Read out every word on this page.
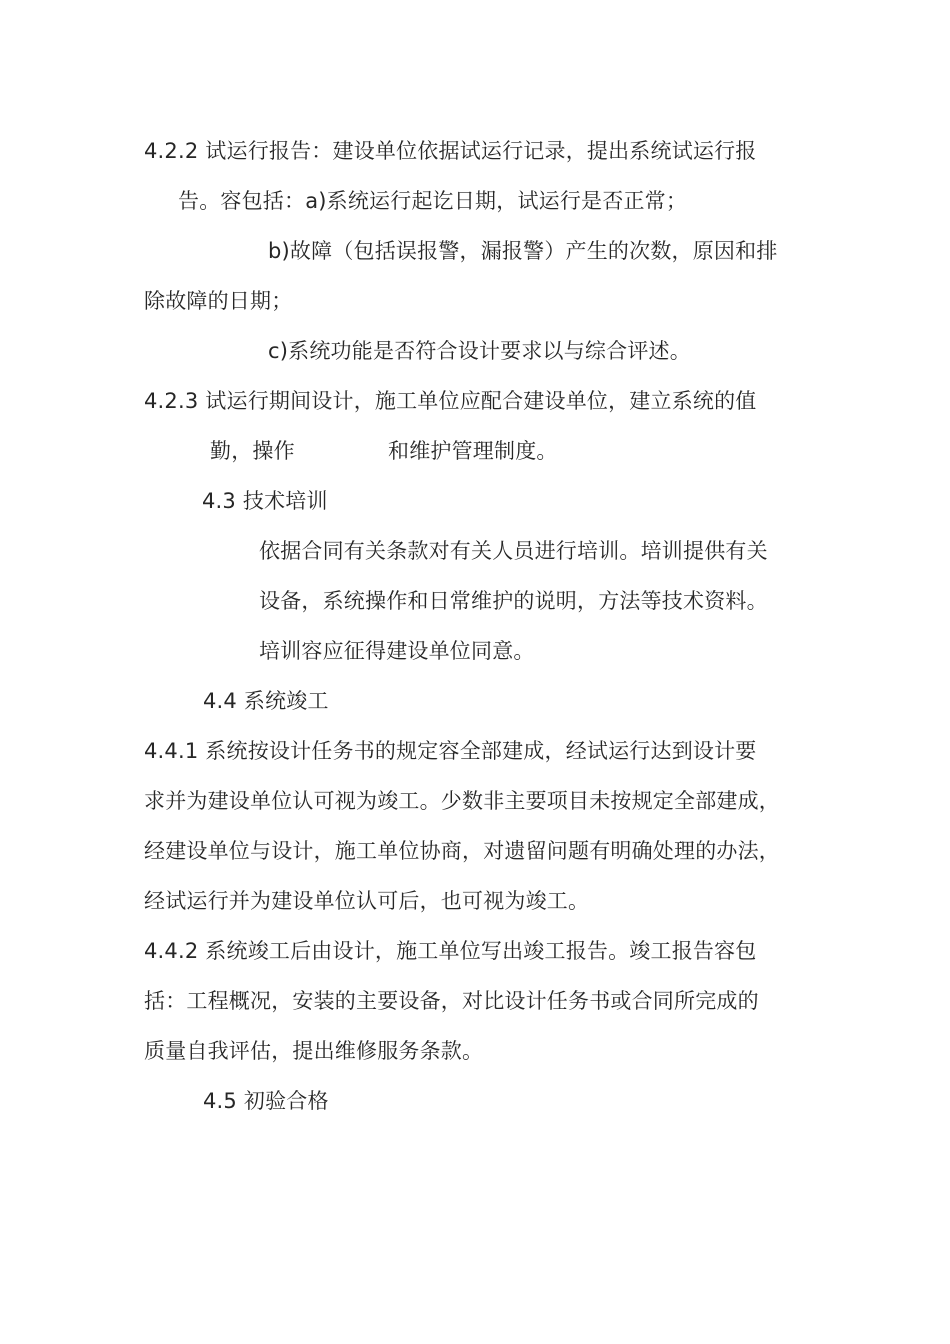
4.2.2 试运行报告：建设单位依据试运行记录，提出系统试运行报
告。容包括：a)系统运行起讫日期，试运行是否正常；
b)故障（包括误报警，漏报警）产生的次数，原因和排
除故障的日期；
c)系统功能是否符合设计要求以与综合评述。
4.2.3 试运行期间设计，施工单位应配合建设单位，建立系统的值
勤，操作	和维护管理制度。
4.3 技术培训
依据合同有关条款对有关人员进行培训。培训提供有关
设备，系统操作和日常维护的说明，方法等技术资料。
培训容应征得建设单位同意。
4.4 系统竣工
4.4.1 系统按设计任务书的规定容全部建成，经试运行达到设计要
求并为建设单位认可视为竣工。少数非主要项目未按规定全部建成，
经建设单位与设计，施工单位协商，对遗留问题有明确处理的办法，
经试运行并为建设单位认可后，也可视为竣工。
4.4.2 系统竣工后由设计，施工单位写出竣工报告。竣工报告容包
括：工程概况，安装的主要设备，对比设计任务书或合同所完成的
质量自我评估，提出维修服务条款。
4.5 初验合格
